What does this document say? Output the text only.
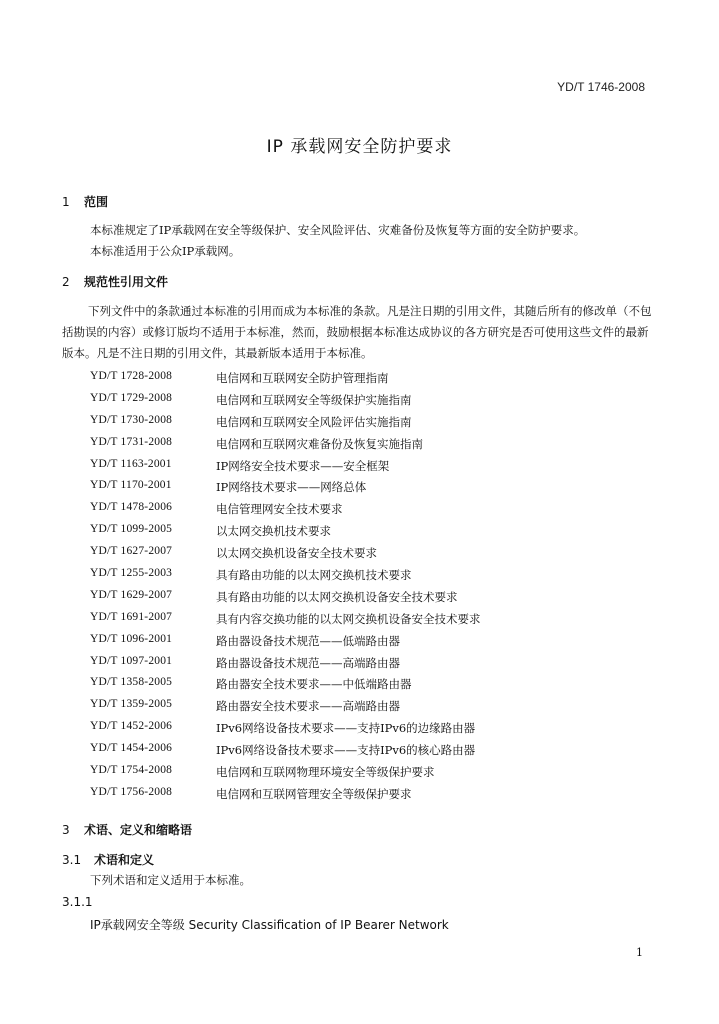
YD/T 1746-2008
IP 承载网安全防护要求
1 范围
本标准规定了IP承载网在安全等级保护、安全风险评估、灾难备份及恢复等方面的安全防护要求。
本标准适用于公众IP承载网。
2 规范性引用文件
下列文件中的条款通过本标准的引用而成为本标准的条款。凡是注日期的引用文件，其随后所有的修改单（不包括勘误的内容）或修订版均不适用于本标准，然而，鼓励根据本标准达成协议的各方研究是否可使用这些文件的最新版本。凡是不注日期的引用文件，其最新版本适用于本标准。
YD/T 1728-2008	电信网和互联网安全防护管理指南
YD/T 1729-2008	电信网和互联网安全等级保护实施指南
YD/T 1730-2008	电信网和互联网安全风险评估实施指南
YD/T 1731-2008	电信网和互联网灾难备份及恢复实施指南
YD/T 1163-2001	IP网络安全技术要求——安全框架
YD/T 1170-2001	IP网络技术要求——网络总体
YD/T 1478-2006	电信管理网安全技术要求
YD/T 1099-2005	以太网交换机技术要求
YD/T 1627-2007	以太网交换机设备安全技术要求
YD/T 1255-2003	具有路由功能的以太网交换机技术要求
YD/T 1629-2007	具有路由功能的以太网交换机设备安全技术要求
YD/T 1691-2007	具有内容交换功能的以太网交换机设备安全技术要求
YD/T 1096-2001	路由器设备技术规范——低端路由器
YD/T 1097-2001	路由器设备技术规范——高端路由器
YD/T 1358-2005	路由器安全技术要求——中低端路由器
YD/T 1359-2005	路由器安全技术要求——高端路由器
YD/T 1452-2006	IPv6网络设备技术要求——支持IPv6的边缘路由器
YD/T 1454-2006	IPv6网络设备技术要求——支持IPv6的核心路由器
YD/T 1754-2008	电信网和互联网物理环境安全等级保护要求
YD/T 1756-2008	电信网和互联网管理安全等级保护要求
3 术语、定义和缩略语
3.1 术语和定义
下列术语和定义适用于本标准。
3.1.1
IP承载网安全等级 Security Classification of IP Bearer Network
1
